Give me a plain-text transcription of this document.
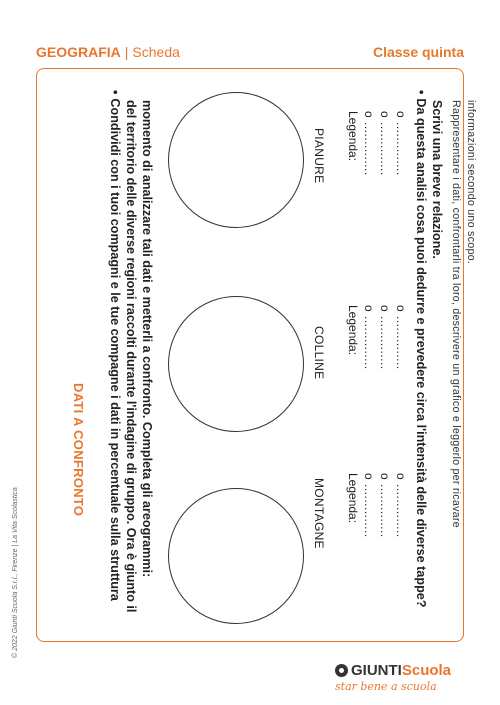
GEOGRAFIA | Scheda	Classe quinta
DATI A CONFRONTO
•Condividi con i tuoi compagni e le tue compagne i dati in percentuale sulla struttura del territorio delle diverse regioni raccolti durante l'indagine di gruppo. Ora è giunto il momento di analizzare tali dati e metterli a confronto. Completa gli areogrammi:	MONTAGNE Legenda: o .............. o .............. o ..............
COLLINE Legenda: o .............. o .............. o ..............
PIANURE Legenda: o .............. o .............. o ..............
•Da questa analisi cosa puoi dedurre e prevedere circa l'intensità delle diverse tappe? Scrivi una breve relazione. Rappresentare i dati, confrontarli tra loro, descrivere un grafico e leggerlo per ricavare informazioni secondo uno scopo.
© 2022 Giunti Scuola S.r.l., Firenze | La Vita Scolastica
GIUNTI Scuola
star bene a scuola
